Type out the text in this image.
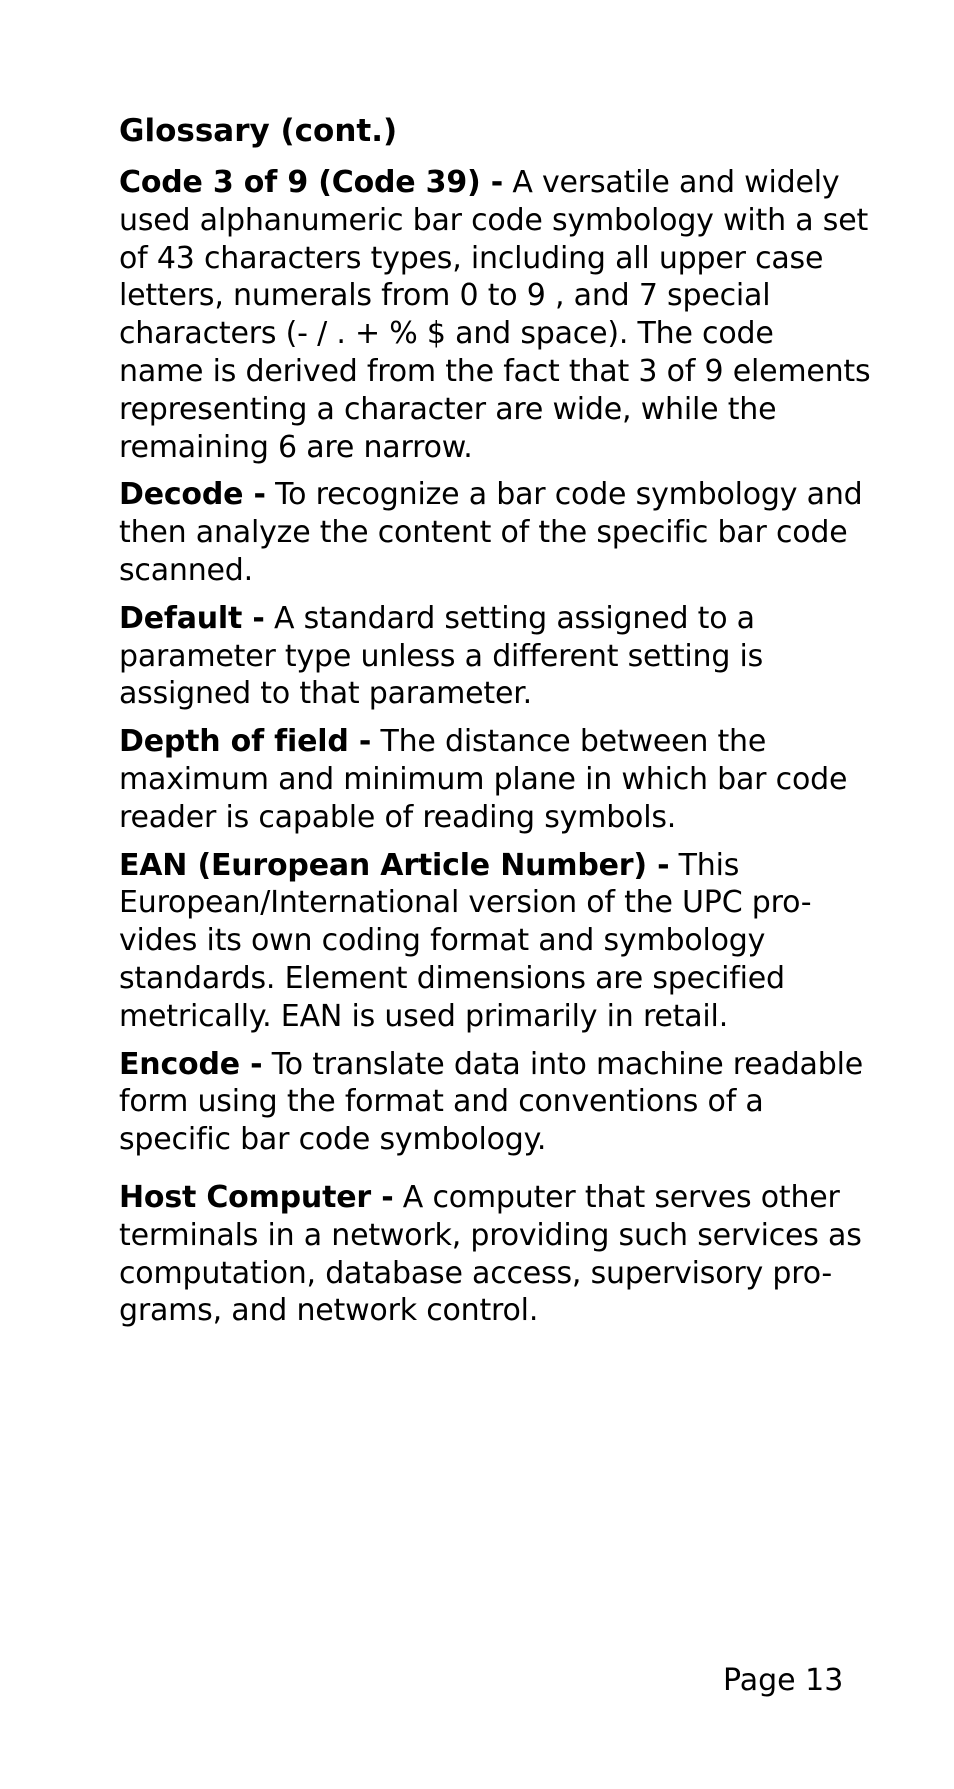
Glossary (cont.)
Code 3 of 9 (Code 39) - A versatile and widely
used alphanumeric bar code symbology with a set
of 43 characters types, including all upper case
letters, numerals from 0 to 9 , and 7 special
characters (- / . + % $ and space). The code
name is derived from the fact that 3 of 9 elements
representing a character are wide, while the
remaining 6 are narrow.
Decode - To recognize a bar code symbology and
then analyze the content of the specific bar code
scanned.
Default - A standard setting assigned to a
parameter type unless a different setting is
assigned to that parameter.
Depth of field - The distance between the
maximum and minimum plane in which bar code
reader is capable of reading symbols.
EAN (European Article Number) - This
European/International version of the UPC pro-
vides its own coding format and symbology
standards. Element dimensions are specified
metrically. EAN is used primarily in retail.
Encode - To translate data into machine readable
form using the format and conventions of a
specific bar code symbology.
Host Computer - A computer that serves other
terminals in a network, providing such services as
computation, database access, supervisory pro-
grams, and network control.
Page 13
